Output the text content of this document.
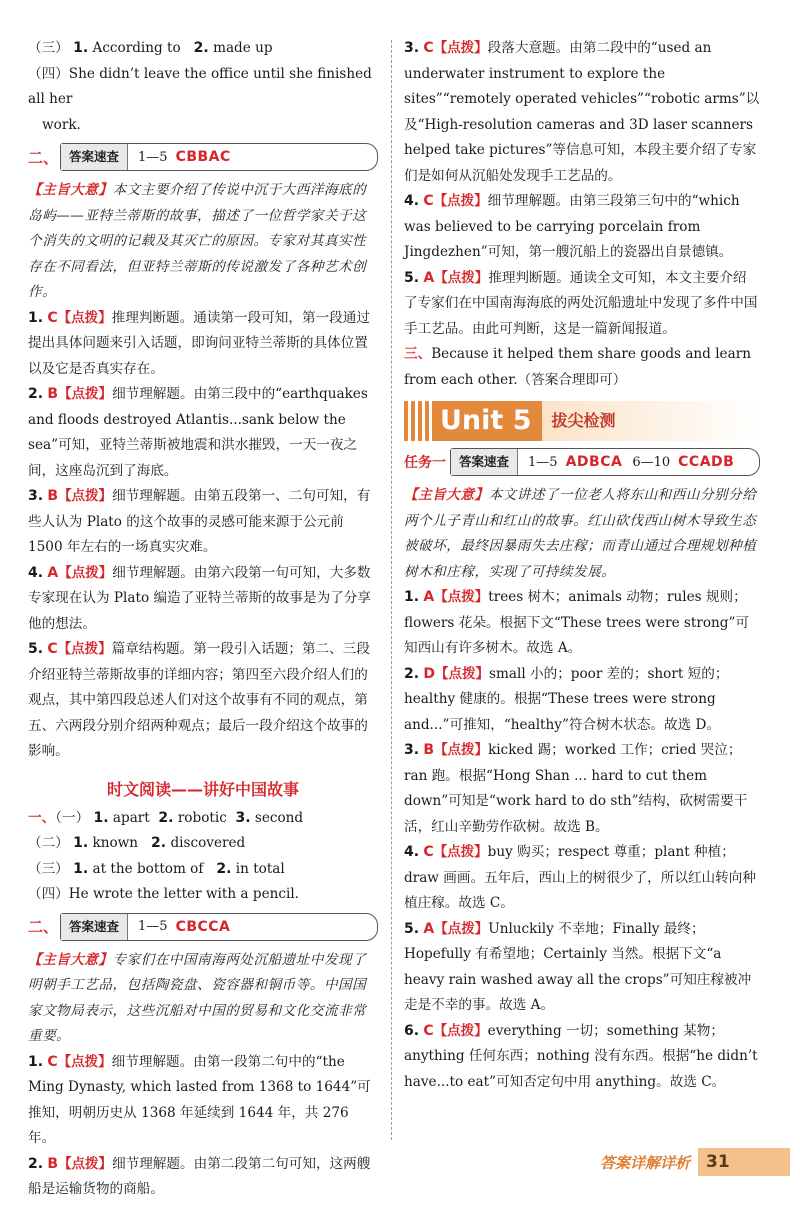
（三） 1. According to 2. made up
（四）She didn’t leave the office until she finished all her
work.
二、 答案速查	1—5 CBBAC
【主旨大意】本文主要介绍了传说中沉于大西洋海底的岛屿——亚特兰蒂斯的故事，描述了一位哲学家关于这个消失的文明的记载及其灭亡的原因。专家对其真实性存在不同看法，但亚特兰蒂斯的传说激发了各种艺术创作。
1. C【点拨】推理判断题。通读第一段可知，第一段通过提出具体问题来引入话题，即询问亚特兰蒂斯的具体位置以及它是否真实存在。
2. B【点拨】细节理解题。由第三段中的“earthquakes and floods destroyed Atlantis...sank below the sea”可知，亚特兰蒂斯被地震和洪水摧毁，一天一夜之间，这座岛沉到了海底。
3. B【点拨】细节理解题。由第五段第一、二句可知，有些人认为 Plato 的这个故事的灵感可能来源于公元前 1500 年左右的一场真实灾难。
4. A【点拨】细节理解题。由第六段第一句可知，大多数专家现在认为 Plato 编造了亚特兰蒂斯的故事是为了分享他的想法。
5. C【点拨】篇章结构题。第一段引入话题；第二、三段介绍亚特兰蒂斯故事的详细内容；第四至六段介绍人们的观点，其中第四段总述人们对这个故事有不同的观点，第五、六两段分别介绍两种观点；最后一段介绍这个故事的影响。
时文阅读——讲好中国故事
一、（一） 1. apart 2. robotic 3. second
（二） 1. known 2. discovered
（三） 1. at the bottom of 2. in total
（四）He wrote the letter with a pencil.
二、 答案速查	1—5 CBCCA
【主旨大意】专家们在中国南海两处沉船遗址中发现了明朝手工艺品，包括陶瓷盘、瓷容器和铜币等。中国国家文物局表示，这些沉船对中国的贸易和文化交流非常重要。
1. C【点拨】细节理解题。由第一段第二句中的“the Ming Dynasty, which lasted from 1368 to 1644”可推知，明朝历史从 1368 年延续到 1644 年，共 276 年。
2. B【点拨】细节理解题。由第二段第二句可知，这两艘船是运输货物的商船。
3. C【点拨】段落大意题。由第二段中的“used an underwater instrument to explore the sites”“remotely operated vehicles”“robotic arms”以及“High-resolution cameras and 3D laser scanners helped take pictures”等信息可知，本段主要介绍了专家们是如何从沉船处发现手工艺品的。
4. C【点拨】细节理解题。由第三段第三句中的“which was believed to be carrying porcelain from Jingdezhen”可知，第一艘沉船上的瓷器出自景德镇。
5. A【点拨】推理判断题。通读全文可知，本文主要介绍了专家们在中国南海海底的两处沉船遗址中发现了多件中国手工艺品。由此可判断，这是一篇新闻报道。
三、Because it helped them share goods and learn from each other.（答案合理即可）
Unit 5	拔尖检测
任务一	答案速查	1—5 ADBCA 6—10 CCADB
【主旨大意】本文讲述了一位老人将东山和西山分别分给两个儿子青山和红山的故事。红山砍伐西山树木导致生态被破坏，最终因暴雨失去庄稼；而青山通过合理规划种植树木和庄稼，实现了可持续发展。
1. A【点拨】trees 树木；animals 动物；rules 规则；flowers 花朵。根据下文“These trees were strong”可知西山有许多树木。故选 A。
2. D【点拨】small 小的；poor 差的；short 短的；healthy 健康的。根据“These trees were strong and...”可推知，“healthy”符合树木状态。故选 D。
3. B【点拨】kicked 踢；worked 工作；cried 哭泣；ran 跑。根据“Hong Shan ... hard to cut them down”可知是“work hard to do sth”结构，砍树需要干活，红山辛勤劳作砍树。故选 B。
4. C【点拨】buy 购买；respect 尊重；plant 种植；draw 画画。五年后，西山上的树很少了，所以红山转向种植庄稼。故选 C。
5. A【点拨】Unluckily 不幸地；Finally 最终；Hopefully 有希望地；Certainly 当然。根据下文“a heavy rain washed away all the crops”可知庄稼被冲走是不幸的事。故选 A。
6. C【点拨】everything 一切；something 某物；anything 任何东西；nothing 没有东西。根据“he didn’t have...to eat”可知否定句中用 anything。故选 C。
答案详解详析 31
